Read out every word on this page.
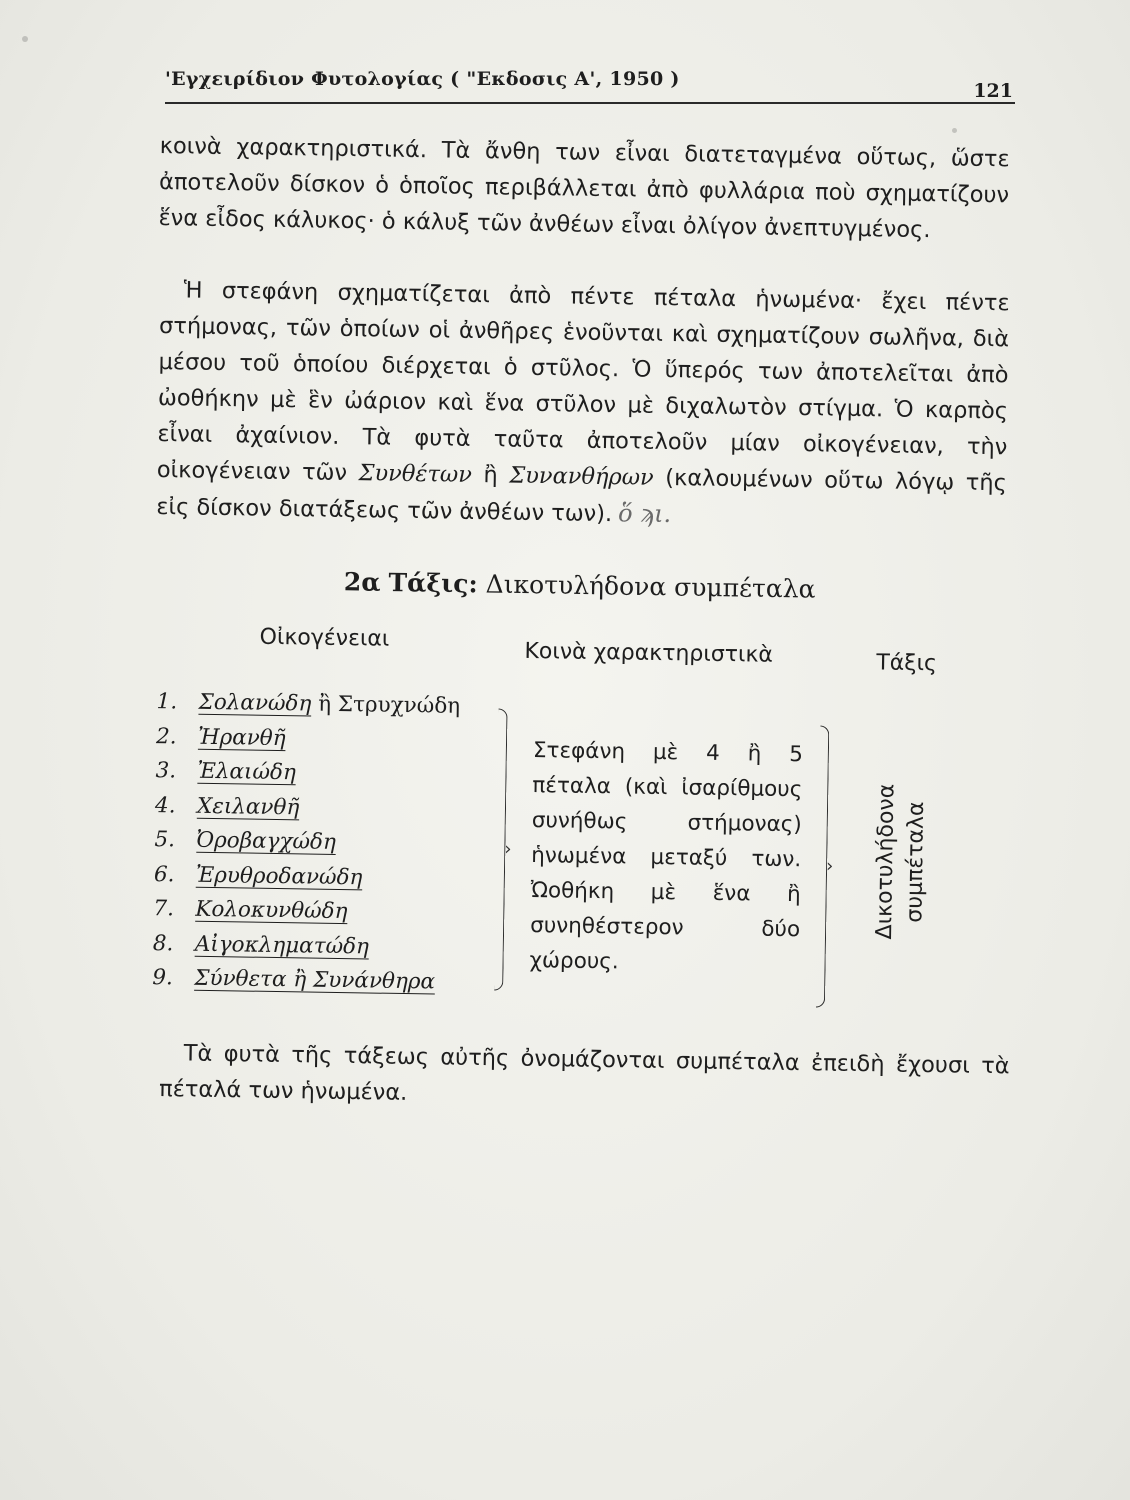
'Εγχειρίδιον Φυτολογίας ( "Εκδοσις Α', 1950 )
121

κοινὰ χαρακτηριστικά. Τὰ ἄνθη των εἶναι διατεταγμένα οὕτως, ὥστε ἀποτελοῦν δίσκον ὁ ὁποῖος περιβάλλεται ἀπὸ φυλλάρια ποὺ σχηματίζουν ἕνα εἶδος κάλυκος· ὁ κάλυξ τῶν ἀνθέων εἶναι ὀλίγον ἀνεπτυγμένος.

Ἡ στεφάνη σχηματίζεται ἀπὸ πέντε πέταλα ἡνωμένα· ἔχει πέντε στήμονας, τῶν ὁποίων οἱ ἀνθῆρες ἑνοῦνται καὶ σχηματίζουν σωλῆνα, διὰ μέσου τοῦ ὁποίου διέρχεται ὁ στῦλος. Ὁ ὕπερός των ἀποτελεῖται ἀπὸ ὠοθήκην μὲ ἓν ὠάριον καὶ ἕνα στῦλον μὲ διχαλωτὸν στίγμα. Ὁ καρπὸς εἶναι ἀχαίνιον. Τὰ φυτὰ ταῦτα ἀποτελοῦν μίαν οἰκογένειαν, τὴν οἰκογένειαν τῶν Συνθέτων ἢ Συνανθήρων (καλουμένων οὕτω λόγῳ τῆς εἰς δίσκον διατάξεως τῶν ἀνθέων των). ὅ ϡι.

2α Τάξις: Δικοτυλήδονα συμπέταλα
Οἰκογένειαι
Κοινὰ χαρακτηριστικὰ	Τάξις
1. Σολανώδη ἢ Στρυχνώδη
2. Ἠρανθῆ
3. Ἐλαιώδη
4. Χειλανθῆ
5. Ὀροβαγχώδη
6. Ἐρυθροδανώδη
7. Κολοκυνθώδη
8. Αἰγοκληματώδη
9. Σύνθετα ἢ Συνάνθηρα
›

Στεφάνη μὲ 4 ἢ 5 πέταλα (καὶ ἰσαρίθμους συνήθως στήμονας) ἡνωμένα μεταξύ των. Ὠοθήκη μὲ ἕνα ἢ συνηθέστερον δύο χώρους.

› Δικοτυλήδονα
συμπέταλα

Τὰ φυτὰ τῆς τάξεως αὐτῆς ὀνομάζονται συμπέταλα ἐπειδὴ ἔχουσι τὰ πέταλά των ἡνωμένα.
